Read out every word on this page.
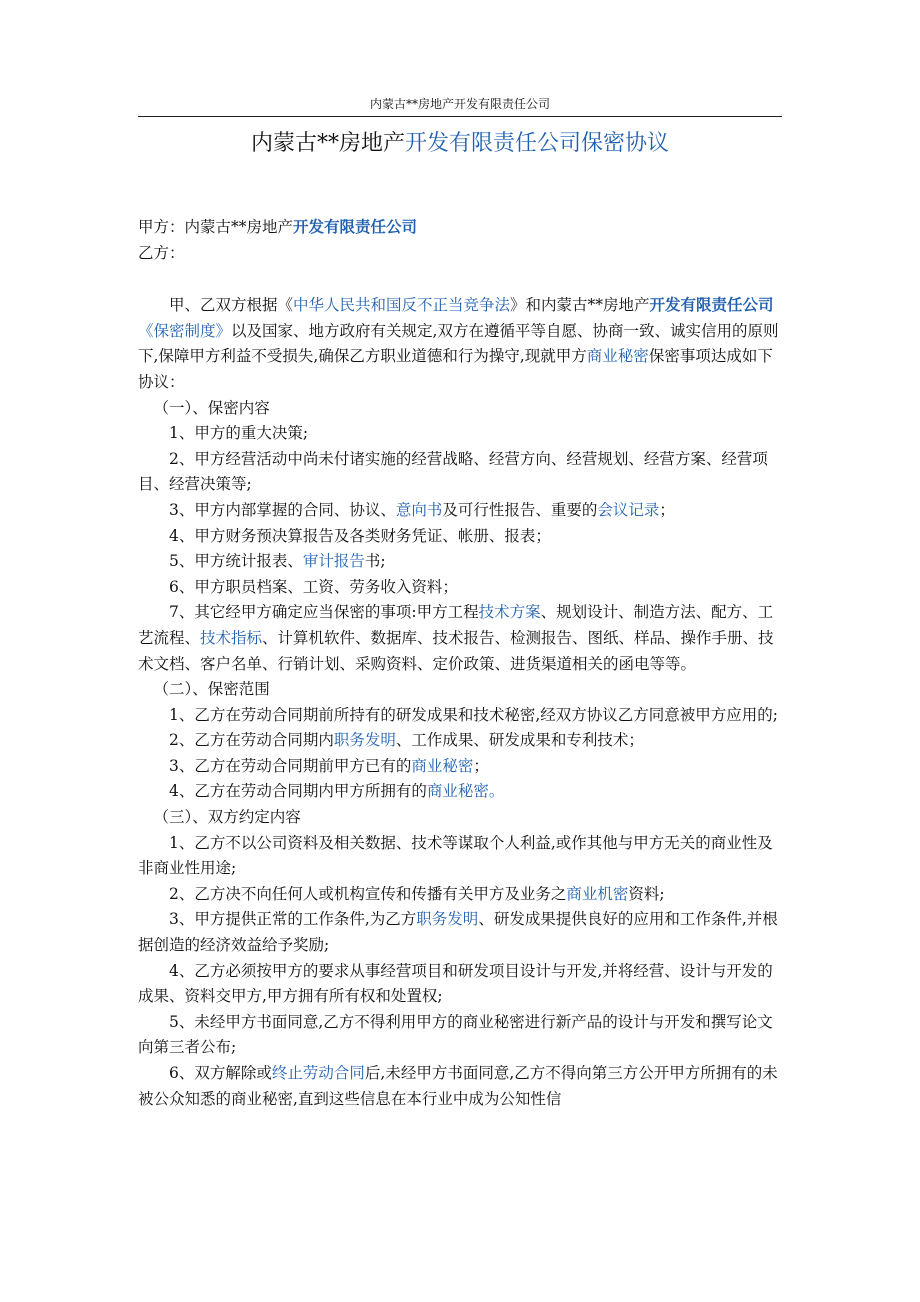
内蒙古**房地产开发有限责任公司
内蒙古**房地产开发有限责任公司保密协议

甲方：内蒙古**房地产开发有限责任公司

乙方：

甲、乙双方根据《中华人民共和国反不正当竞争法》和内蒙古**房地产开发有限责任公司《保密制度》以及国家、地方政府有关规定,双方在遵循平等自愿、协商一致、诚实信用的原则下,保障甲方利益不受损失,确保乙方职业道德和行为操守,现就甲方商业秘密保密事项达成如下协议：

（一）、保密内容

1、甲方的重大决策;

2、甲方经营活动中尚未付诸实施的经营战略、经营方向、经营规划、经营方案、经营项目、经营决策等;

3、甲方内部掌握的合同、协议、意向书及可行性报告、重要的会议记录；

4、甲方财务预决算报告及各类财务凭证、帐册、报表；

5、甲方统计报表、审计报告书;

6、甲方职员档案、工资、劳务收入资料；

7、其它经甲方确定应当保密的事项:甲方工程技术方案、规划设计、制造方法、配方、工艺流程、技术指标、计算机软件、数据库、技术报告、检测报告、图纸、样品、操作手册、技术文档、客户名单、行销计划、采购资料、定价政策、进货渠道相关的函电等等。

（二）、保密范围

1、乙方在劳动合同期前所持有的研发成果和技术秘密,经双方协议乙方同意被甲方应用的;

2、乙方在劳动合同期内职务发明、工作成果、研发成果和专利技术；

3、乙方在劳动合同期前甲方已有的商业秘密；

4、乙方在劳动合同期内甲方所拥有的商业秘密。

（三）、双方约定内容

1、乙方不以公司资料及相关数据、技术等谋取个人利益,或作其他与甲方无关的商业性及非商业性用途;

2、乙方决不向任何人或机构宣传和传播有关甲方及业务之商业机密资料;

3、甲方提供正常的工作条件,为乙方职务发明、研发成果提供良好的应用和工作条件,并根据创造的经济效益给予奖励;

4、乙方必须按甲方的要求从事经营项目和研发项目设计与开发,并将经营、设计与开发的成果、资料交甲方,甲方拥有所有权和处置权;

5、未经甲方书面同意,乙方不得利用甲方的商业秘密进行新产品的设计与开发和撰写论文向第三者公布;

6、双方解除或终止劳动合同后,未经甲方书面同意,乙方不得向第三方公开甲方所拥有的未被公众知悉的商业秘密,直到这些信息在本行业中成为公知性信
